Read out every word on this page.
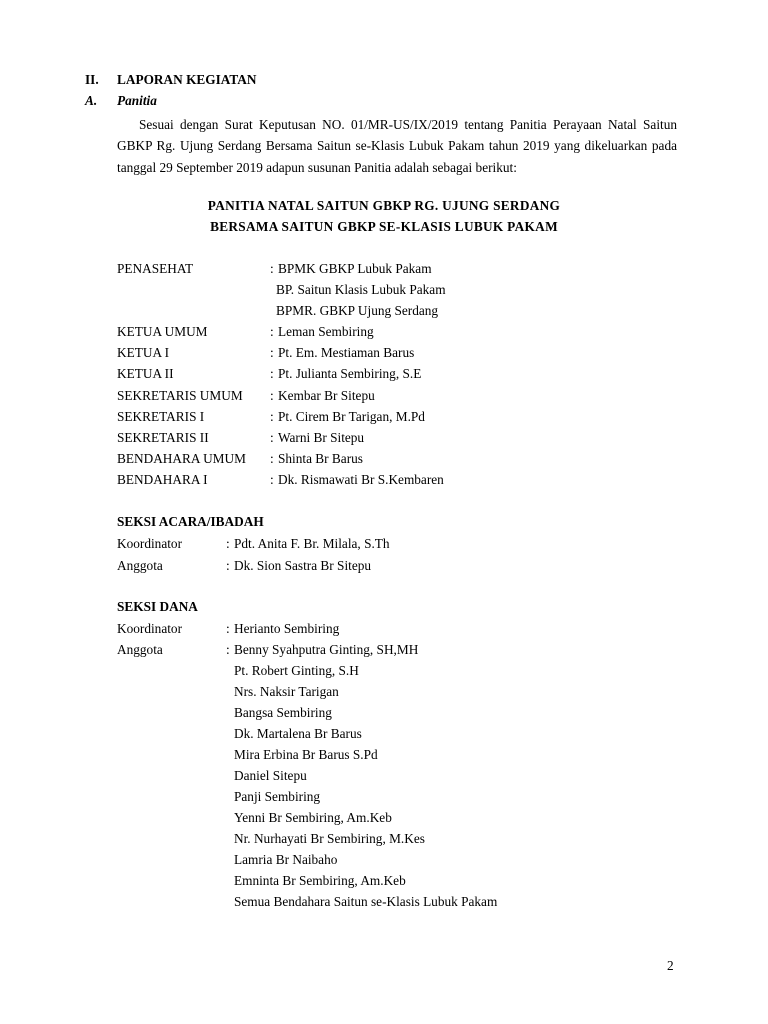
II. LAPORAN KEGIATAN
A. Panitia

Sesuai dengan Surat Keputusan NO. 01/MR-US/IX/2019 tentang Panitia Perayaan Natal Saitun GBKP Rg. Ujung Serdang Bersama Saitun se-Klasis Lubuk Pakam tahun 2019 yang dikeluarkan pada tanggal 29 September 2019 adapun susunan Panitia adalah sebagai berikut:

PANITIA NATAL SAITUN GBKP RG. UJUNG SERDANG
BERSAMA SAITUN GBKP SE-KLASIS LUBUK PAKAM
PENASEHAT	: BPMK GBKP Lubuk Pakam
BP. Saitun Klasis Lubuk Pakam
BPMR. GBKP Ujung Serdang
KETUA UMUM	: Leman Sembiring
KETUA I	: Pt. Em. Mestiaman Barus
KETUA II	: Pt. Julianta Sembiring, S.E
SEKRETARIS UMUM : Kembar Br Sitepu
SEKRETARIS I	: Pt. Cirem Br Tarigan, M.Pd
SEKRETARIS II	: Warni Br Sitepu
BENDAHARA UMUM : Shinta Br Barus
BENDAHARA I	: Dk. Rismawati Br S.Kembaren
SEKSI ACARA/IBADAH
Koordinator	: Pdt. Anita F. Br. Milala, S.Th
Anggota	: Dk. Sion Sastra Br Sitepu
SEKSI DANA
Koordinator	: Herianto Sembiring
Anggota	: Benny Syahputra Ginting, SH,MH
Pt. Robert Ginting, S.H
Nrs. Naksir Tarigan
Bangsa Sembiring
Dk. Martalena Br Barus
Mira Erbina Br Barus S.Pd
Daniel Sitepu
Panji Sembiring
Yenni Br Sembiring, Am.Keb
Nr. Nurhayati Br Sembiring, M.Kes
Lamria Br Naibaho
Emninta Br Sembiring, Am.Keb
Semua Bendahara Saitun se-Klasis Lubuk Pakam
2
